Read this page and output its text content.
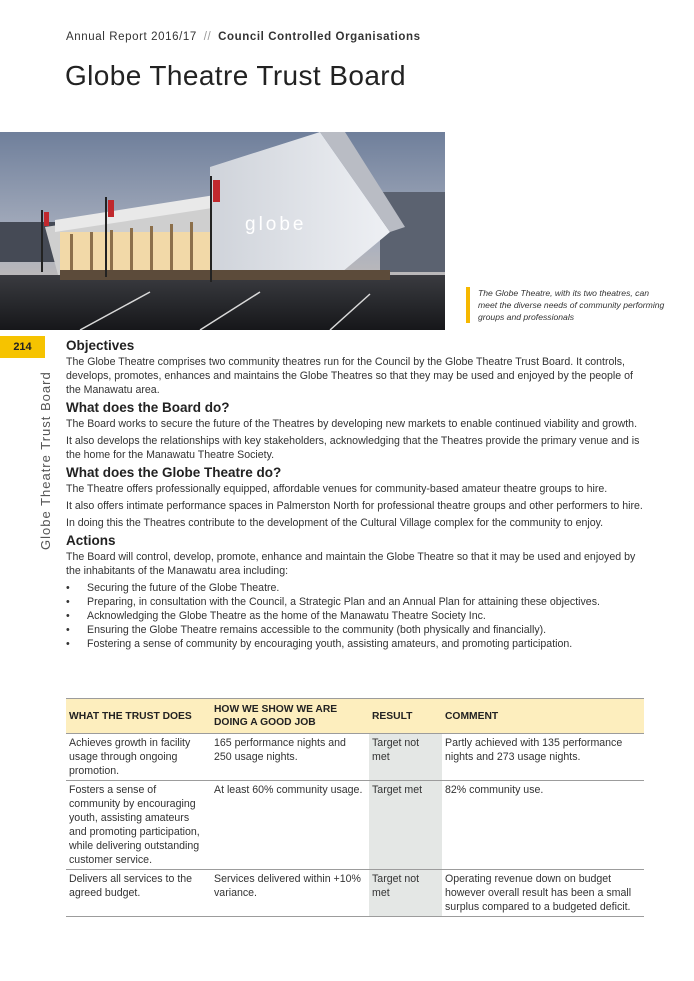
Annual Report 2016/17 // Council Controlled Organisations
Globe Theatre Trust Board
globe
The Globe Theatre, with its two theatres, can meet the diverse needs of community performing groups and professionals
214
Globe Theatre Trust Board
Objectives

The Globe Theatre comprises two community theatres run for the Council by the Globe Theatre Trust Board. It controls, develops, promotes, enhances and maintains the Globe Theatres so that they may be used and enjoyed by the people of the Manawatu area.

What does the Board do?

The Board works to secure the future of the Theatres by developing new markets to enable continued viability and growth.

It also develops the relationships with key stakeholders, acknowledging that the Theatres provide the primary venue and is the home for the Manawatu Theatre Society.

What does the Globe Theatre do?

The Theatre offers professionally equipped, affordable venues for community-based amateur theatre groups to hire.

It also offers intimate performance spaces in Palmerston North for professional theatre groups and other performers to hire.

In doing this the Theatres contribute to the development of the Cultural Village complex for the community to enjoy.

Actions

The Board will control, develop, promote, enhance and maintain the Globe Theatre so that it may be used and enjoyed by the inhabitants of the Manawatu area including:

• Securing the future of the Globe Theatre.
• Preparing, in consultation with the Council, a Strategic Plan and an Annual Plan for attaining these objectives.
• Acknowledging the Globe Theatre as the home of the Manawatu Theatre Society Inc.
• Ensuring the Globe Theatre remains accessible to the community (both physically and financially).
• Fostering a sense of community by encouraging youth, assisting amateurs, and promoting participation.
WHAT THE TRUST DOES	HOW WE SHOW WE ARE DOING A GOOD JOB	RESULT	COMMENT
Achieves growth in facility usage through ongoing promotion.	165 performance nights and 250 usage nights.	Target not met	Partly achieved with 135 performance nights and 273 usage nights.
Fosters a sense of community by encouraging youth, assisting amateurs and promoting participation, while delivering outstanding customer service.	At least 60% community usage.	Target met	82% community use.
Delivers all services to the agreed budget.	Services delivered within +10% variance.	Target not met	Operating revenue down on budget however overall result has been a small surplus compared to a budgeted deficit.
